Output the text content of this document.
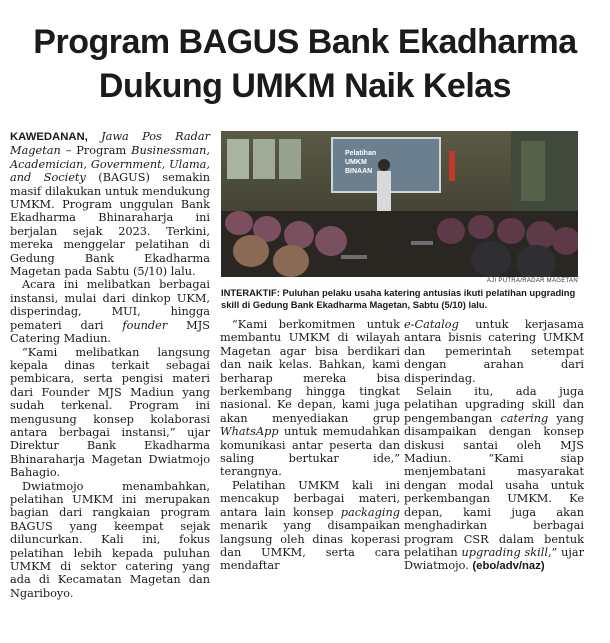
Program BAGUS Bank Ekadharma
Dukung UMKM Naik Kelas

KAWEDANAN, Jawa Pos Radar Magetan – Program Businessman, Academician, Government, Ulama, and Society (BAGUS) semakin masif dilakukan untuk mendukung UMKM. Program unggulan Bank Ekadharma Bhinaraharja ini berjalan sejak 2023. Terkini, mereka menggelar pelatihan di Gedung Bank Ekadharma Magetan pada Sabtu (5/10) lalu.

Acara ini melibatkan berbagai instansi, mulai dari dinkop UKM, disperindag, MUI, hingga pemateri dari founder MJS Catering Madiun.

“Kami melibatkan langsung kepala dinas terkait sebagai pembicara, serta pengisi materi dari Founder MJS Madiun yang sudah terkenal. Program ini mengusung konsep kolaborasi antara berbagai instansi,” ujar Direktur Bank Ekadharma Bhinaraharja Magetan Dwiatmojo Bahagio.

Dwiatmojo menambahkan, pelatihan UMKM ini merupakan bagian dari rangkaian program BAGUS yang keempat sejak diluncurkan. Kali ini, fokus pelatihan lebih kepada puluhan UMKM di sektor catering yang ada di Kecamatan Magetan dan Ngariboyo.

Pelatihan
UMKM
BINAAN
AJI PUTRA/RADAR MAGETAN
INTERAKTIF: Puluhan pelaku usaha katering antusias ikuti pelatihan upgrading skill di Gedung Bank Ekadharma Magetan, Sabtu (5/10) lalu.

“Kami berkomitmen untuk membantu UMKM di wilayah Magetan agar bisa berdikari dan naik kelas. Bahkan, kami berharap mereka bisa berkembang hingga tingkat nasional. Ke depan, kami juga akan menyediakan grup WhatsApp untuk memudahkan komunikasi antar peserta dan saling bertukar ide,” terangnya.

Pelatihan UMKM kali ini mencakup berbagai materi, antara lain konsep packaging menarik yang disampaikan langsung oleh dinas koperasi dan UMKM, serta cara mendaftar

e-Catalog untuk kerjasama antara bisnis catering UMKM dan pemerintah setempat dengan arahan dari disperindag.

Selain itu, ada juga pelatihan upgrading skill dan pengembangan catering yang disampaikan dengan konsep diskusi santai oleh MJS Madiun. “Kami siap menjembatani masyarakat dengan modal usaha untuk perkembangan UMKM. Ke depan, kami juga akan menghadirkan berbagai program CSR dalam bentuk pelatihan upgrading skill,” ujar Dwiatmojo. (ebo/adv/naz)
